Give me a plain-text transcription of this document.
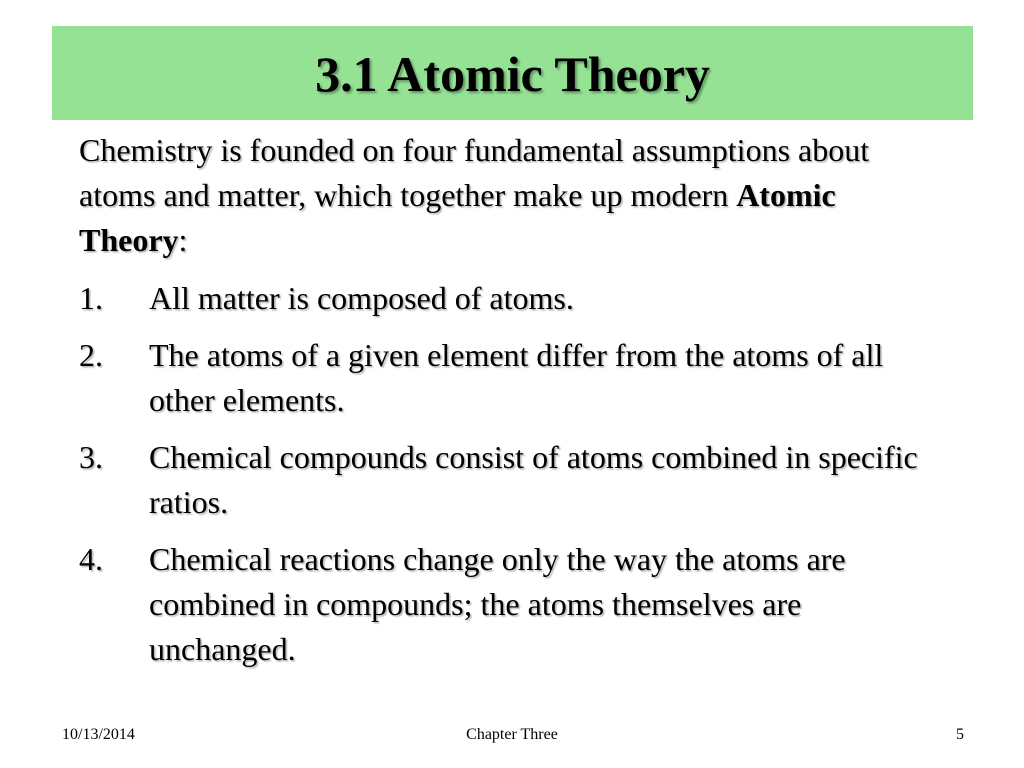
3.1 Atomic Theory

Chemistry is founded on four fundamental assumptions about atoms and matter, which together make up modern Atomic Theory:

1.	All matter is composed of atoms.
2.	The atoms of a given element differ from the atoms of all other elements.
3.	Chemical compounds consist of atoms combined in specific ratios.
4.	Chemical reactions change only the way the atoms are combined in compounds; the atoms themselves are unchanged.
10/13/2014	Chapter Three	5
